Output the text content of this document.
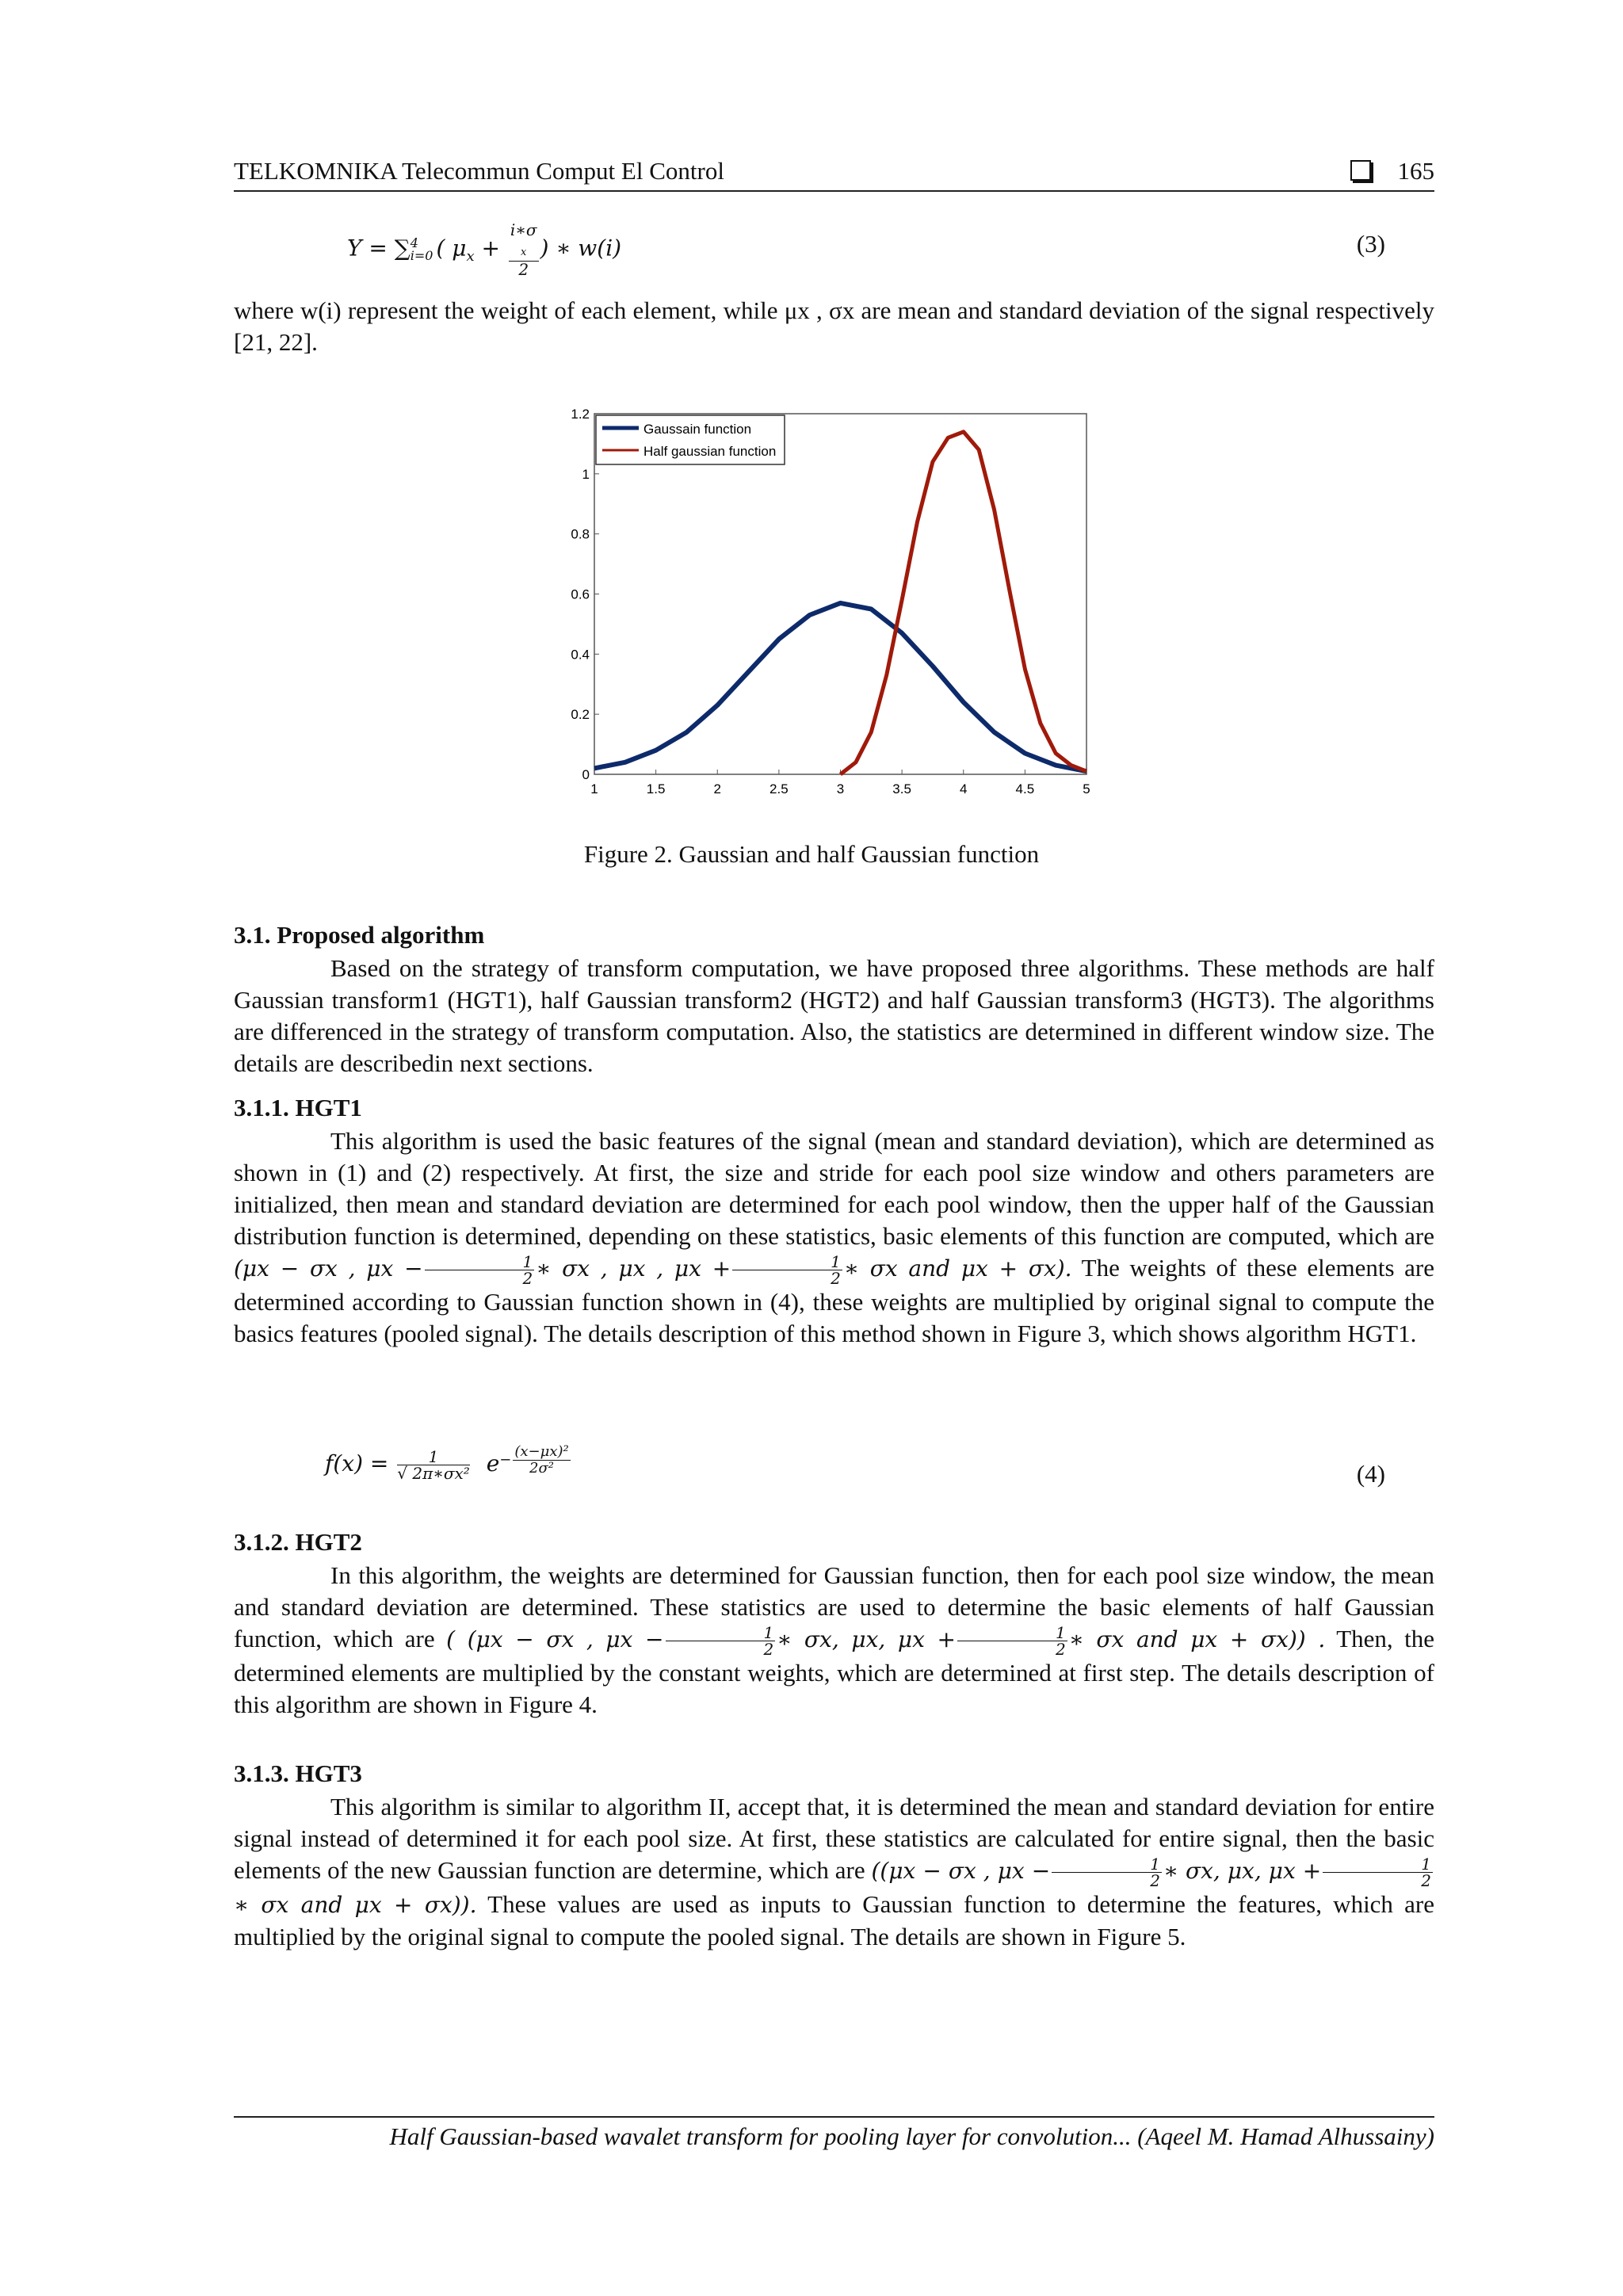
TELKOMNIKA Telecommun Comput El Control	165
Y = ∑ 4
i=0 ( $\mu_x$ + i∗σ
$_x$
2 ) ∗ w(i)	(3)
where w(i) represent the weight of each element, while μx , σx are mean and standard deviation of the signal respectively [21, 22].
0
0.2
0.4
0.6
0.8
1
1.2
1	1.5	2	2.5	3	3.5	4	4.5	5
Gaussain function
Half gaussian function
Figure 2. Gaussian and half Gaussian function
3.1. Proposed algorithm
Based on the strategy of transform computation, we have proposed three algorithms. These methods are half Gaussian transform1 (HGT1), half Gaussian transform2 (HGT2) and half Gaussian transform3 (HGT3). The algorithms are differenced in the strategy of transform computation. Also, the statistics are determined in different window size. The details are describedin next sections.
3.1.1. HGT1
This algorithm is used the basic features of the signal (mean and standard deviation), which are determined as shown in (1) and (2) respectively. At first, the size and stride for each pool size window and others parameters are initialized, then mean and standard deviation are determined for each pool window, then the upper half of the Gaussian distribution function is determined, depending on these statistics, basic elements of this function are computed, which are (μx − σx , $\mu x - \frac{1}{2}$ ∗ σx , μx , $\mu x + \frac{1}{2}$ ∗ σx and μx + σx). The weights of these elements are determined according to Gaussian function shown in (4), these weights are multiplied by original signal to compute the basics features (pooled signal). The details description of this method shown in Figure 3, which shows algorithm HGT1.
$f(x) = \frac{1}{\text{√ 2π∗σx²}} e- \frac{\text{(x−μx)²}}{\text{2σ²}}$	(4)
3.1.2. HGT2
In this algorithm, the weights are determined for Gaussian function, then for each pool size window, the mean and standard deviation are determined. These statistics are used to determine the basic elements of half Gaussian function, which are ( (μx − σx , $\mu x - \frac{1}{2}$ ∗ σx, μx, $\mu x + \frac{1}{2}$ ∗ σx and μx + σx)) . Then, the determined elements are multiplied by the constant weights, which are determined at first step. The details description of this algorithm are shown in Figure 4.
3.1.3. HGT3
This algorithm is similar to algorithm II, accept that, it is determined the mean and standard deviation for entire signal instead of determined it for each pool size. At first, these statistics are calculated for entire signal, then the basic elements of the new Gaussian function are determine, which are ((μx − σx , $\mu x - \frac{1}{2}$ ∗ σx, μx, $\mu x + \frac{1}{2}$
∗ σx and μx + σx)). These values are used as inputs to Gaussian function to determine the features, which are multiplied by the original signal to compute the pooled signal. The details are shown in Figure 5.
Half Gaussian-based wavalet transform for pooling layer for convolution... (Aqeel M. Hamad Alhussainy)
